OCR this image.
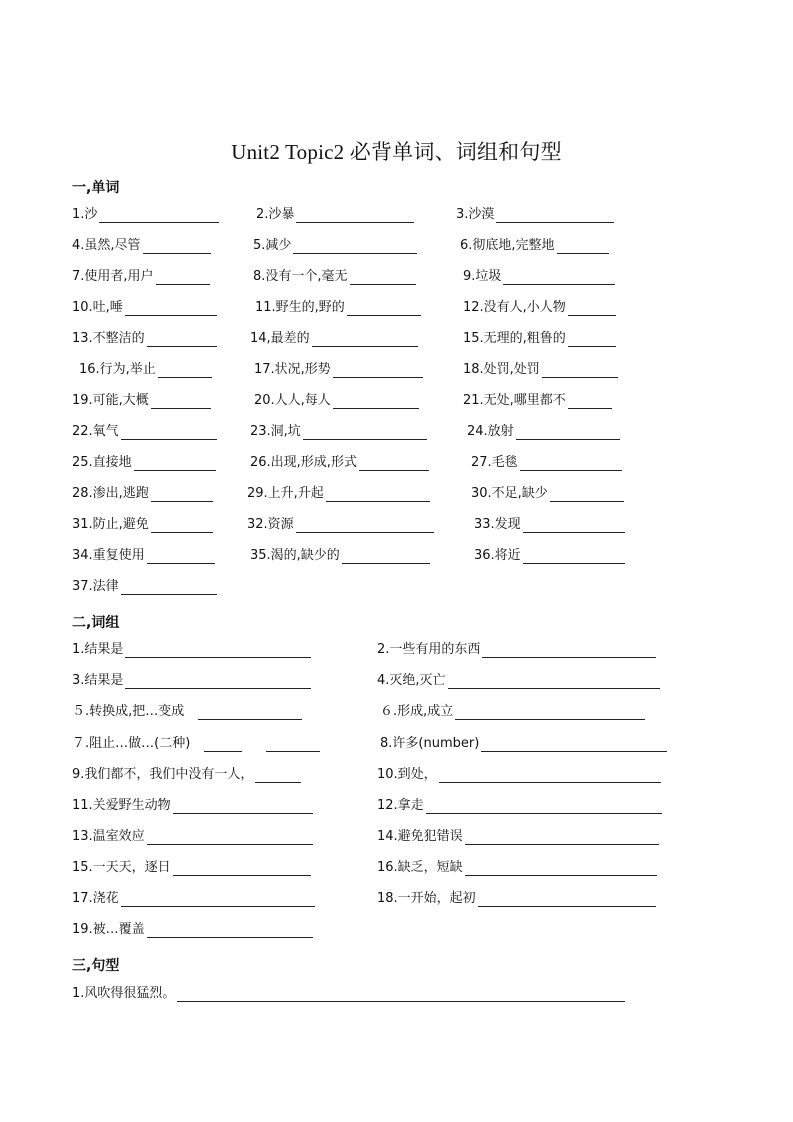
Unit2 Topic2 必背单词、词组和句型
一,单词
1.沙	2.沙暴	3.沙漠
4.虽然,尽管	5.减少	6.彻底地,完整地
7.使用者,用户	8.没有一个,毫无	9.垃圾
10.吐,唾	11.野生的,野的	12.没有人,小人物
13.不整洁的	14,最差的	15.无理的,粗鲁的
16.行为,举止	17.状况,形势	18.处罚,处罚
19.可能,大概	20.人人,每人	21.无处,哪里都不
22.氧气	23.洞,坑	24.放射
25.直接地	26.出现,形成,形式	27.毛毯
28.渗出,逃跑	29.上升,升起	30.不足,缺少
31.防止,避免	32.资源	33.发现
34.重复使用	35.渴的,缺少的	36.将近
37.法律
二,词组
1.结果是	2.一些有用的东西
3.结果是	4.灭绝,灭亡
５.转换成,把…变成	６.形成,成立
７.阻止…做…(二种)	8.许多(number)
9.我们都不，我们中没有一人，	10.到处，
11.关爱野生动物	12.拿走
13.温室效应	14.避免犯错误
15.一天天，逐日	16.缺乏，短缺
17.浇花	18.一开始，起初
19.被…覆盖
三,句型
1.风吹得很猛烈。
